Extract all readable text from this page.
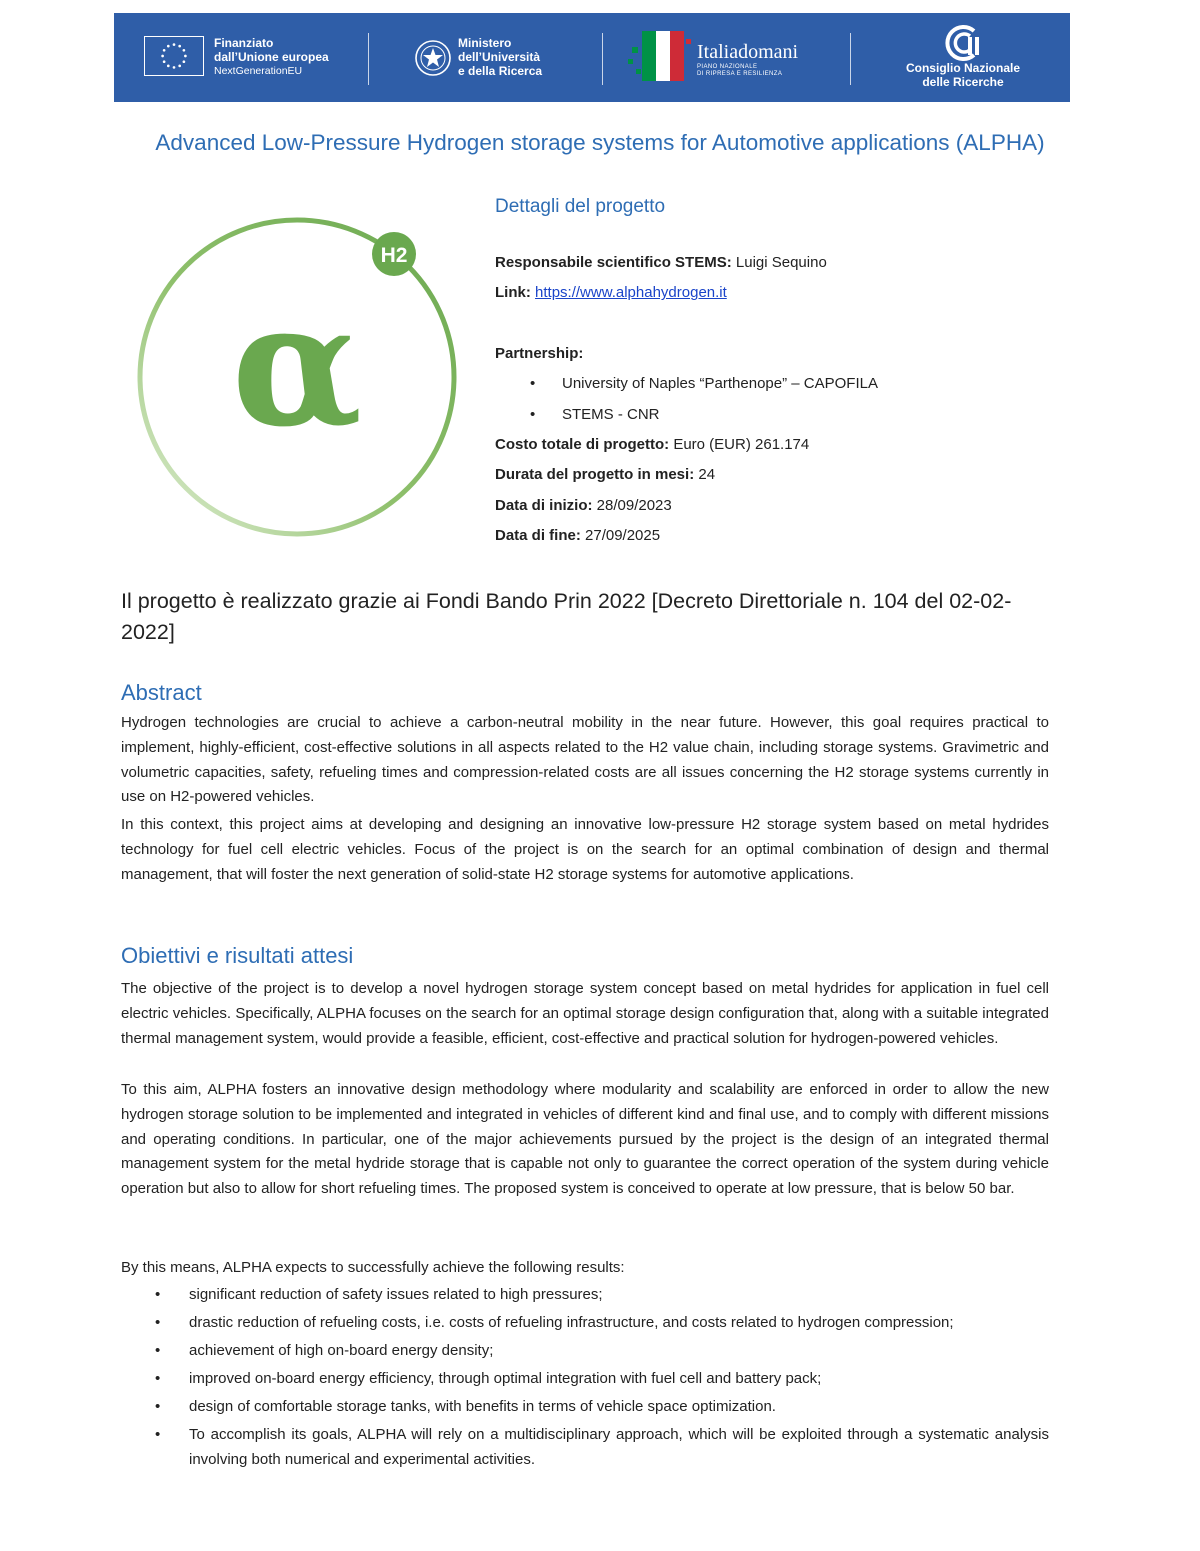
Finanziato
dall’Unione europea
NextGenerationEU
Ministero
dell’Università
e della Ricerca
Italiadomani
PIANO NAZIONALE
DI RIPRESA E RESILIENZA	Consiglio Nazionale
delle Ricerche
Advanced Low-Pressure Hydrogen storage systems for Automotive applications (ALPHA)
α
H2
Dettagli del progetto
Responsabile scientifico STEMS: Luigi Sequino
Link: https://www.alphahydrogen.it
Partnership:
• University of Naples “Parthenope” – CAPOFILA
• STEMS - CNR
Costo totale di progetto: Euro (EUR) 261.174
Durata del progetto in mesi: 24
Data di inizio: 28/09/2023
Data di fine: 27/09/2025
Il progetto è realizzato grazie ai Fondi Bando Prin 2022 [Decreto Direttoriale n. 104 del 02-02-2022]
Abstract
Hydrogen technologies are crucial to achieve a carbon-neutral mobility in the near future. However, this goal requires practical to implement, highly-efficient, cost-effective solutions in all aspects related to the H2 value chain, including storage systems. Gravimetric and volumetric capacities, safety, refueling times and compression-related costs are all issues concerning the H2 storage systems currently in use on H2-powered vehicles.
In this context, this project aims at developing and designing an innovative low-pressure H2 storage system based on metal hydrides technology for fuel cell electric vehicles. Focus of the project is on the search for an optimal combination of design and thermal management, that will foster the next generation of solid-state H2 storage systems for automotive applications.
Obiettivi e risultati attesi
The objective of the project is to develop a novel hydrogen storage system concept based on metal hydrides for application in fuel cell electric vehicles. Specifically, ALPHA focuses on the search for an optimal storage design configuration that, along with a suitable integrated thermal management system, would provide a feasible, efficient, cost-effective and practical solution for hydrogen-powered vehicles.
To this aim, ALPHA fosters an innovative design methodology where modularity and scalability are enforced in order to allow the new hydrogen storage solution to be implemented and integrated in vehicles of different kind and final use, and to comply with different missions and operating conditions. In particular, one of the major achievements pursued by the project is the design of an integrated thermal management system for the metal hydride storage that is capable not only to guarantee the correct operation of the system during vehicle operation but also to allow for short refueling times. The proposed system is conceived to operate at low pressure, that is below 50 bar.
By this means, ALPHA expects to successfully achieve the following results:
• significant reduction of safety issues related to high pressures;
• drastic reduction of refueling costs, i.e. costs of refueling infrastructure, and costs related to hydrogen compression;
• achievement of high on-board energy density;
• improved on-board energy efficiency, through optimal integration with fuel cell and battery pack;
• design of comfortable storage tanks, with benefits in terms of vehicle space optimization.
• To accomplish its goals, ALPHA will rely on a multidisciplinary approach, which will be exploited through a systematic analysis involving both numerical and experimental activities.
